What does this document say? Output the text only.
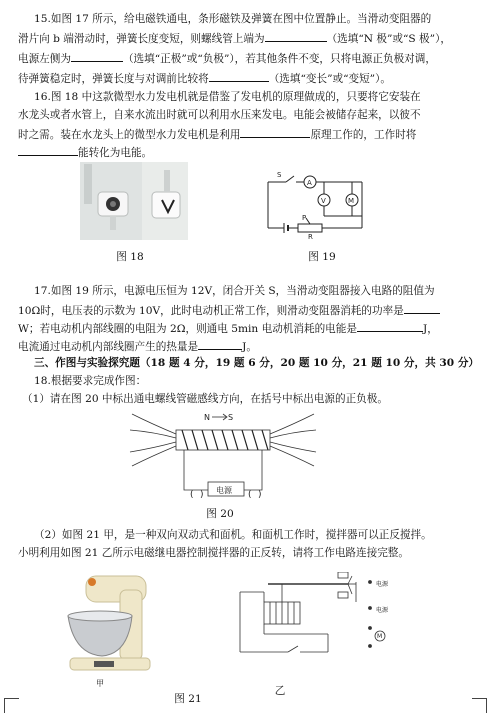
15.如图 17 所示，给电磁铁通电，条形磁铁及弹簧在图中位置静止。当滑动变阻器的
滑片向 b 端滑动时，弹簧长度变短，则螺线管上端为	（选填“N 极”或“S 极”），
电源左侧为	（选填“正极”或“负极”），若其他条件不变，只将电源正负极对调，
待弹簧稳定时，弹簧长度与对调前比较将	（选填“变长”或“变短”）。
16.图 18 中这款微型水力发电机就是借鉴了发电机的原理做成的，只要将它安装在
水龙头或者水管上，自来水流出时就可以利用水压来发电。电能会被储存起来，以彼不
时之需。装在水龙头上的微型水力发电机是利用	原理工作的，工作时将
能转化为电能。
图 18
S
A
V	M
P
R
图 19
17.如图 19 所示，电源电压恒为 12V，闭合开关 S，当滑动变阻器接入电路的阻值为
10Ω时，电压表的示数为 10V，此时电动机正常工作，则滑动变阻器消耗的功率是
W；若电动机内部线圈的电阻为 2Ω，则通电 5min 电动机消耗的电能是	J，
电流通过电动机内部线圈产生的热量是	J。
三、作图与实验探究题（18 题 4 分，19 题 6 分，20 题 10 分，21 题 10 分，共 30 分）
18.根据要求完成作图：
（1）请在图 20 中标出通电螺线管磁感线方向，在括号中标出电源的正负极。
N S
电源
( )	( )
图 20
（2）如图 21 甲，是一种双向双动式和面机。和面机工作时，搅拌器可以正反搅拌。
小明利用如图 21 乙所示电磁继电器控制搅拌器的正反转，请将工作电路连接完整。
甲
电源
电源
M
乙
图 21
